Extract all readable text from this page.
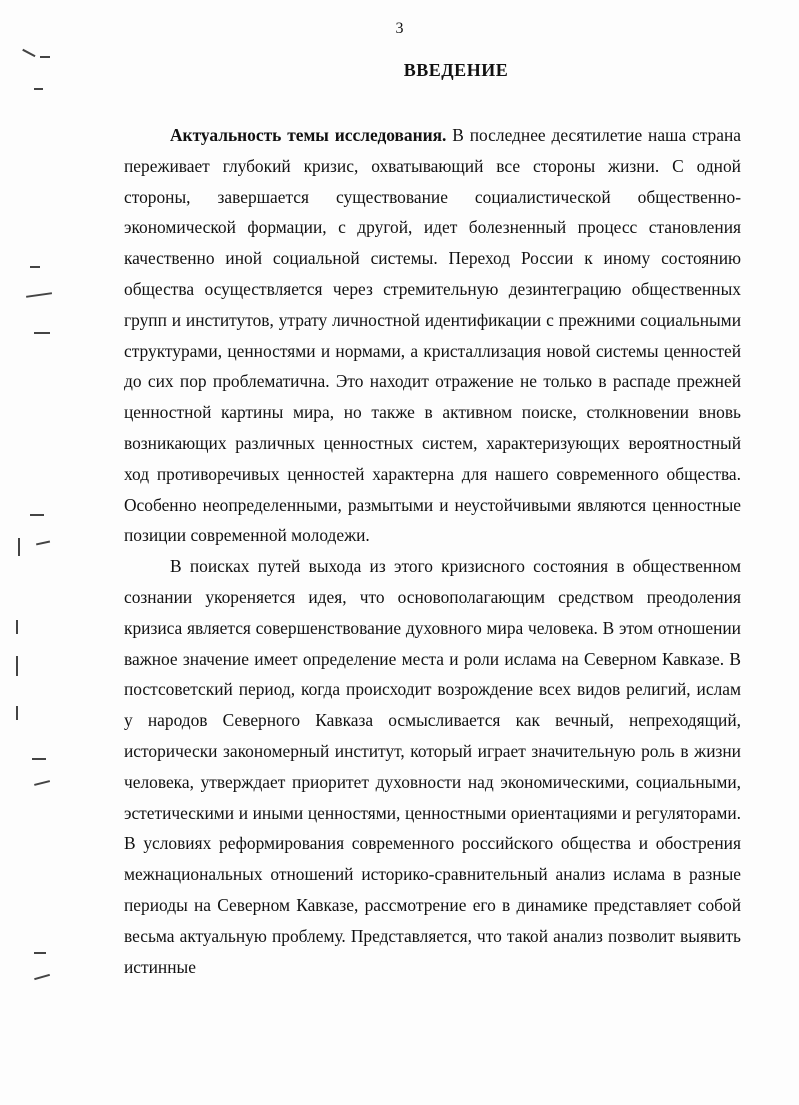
3
ВВЕДЕНИЕ

Актуальность темы исследования. В последнее десятилетие наша страна переживает глубокий кризис, охватывающий все стороны жизни. С одной стороны, завершается существование социалистической общественно-экономической формации, с другой, идет болезненный процесс становления качественно иной социальной системы. Переход России к иному состоянию общества осуществляется через стремительную дезинтеграцию общественных групп и институтов, утрату личностной идентификации с прежними социальными структурами, ценностями и нормами, а кристаллизация новой системы ценностей до сих пор проблематична. Это находит отражение не только в распаде прежней ценностной картины мира, но также в активном поиске, столкновении вновь возникающих различных ценностных систем, характеризующих вероятностный ход противоречивых ценностей характерна для нашего современного общества. Особенно неопределенными, размытыми и неустойчивыми являются ценностные позиции современной молодежи.

В поисках путей выхода из этого кризисного состояния в общественном сознании укореняется идея, что основополагающим средством преодоления кризиса является совершенствование духовного мира человека. В этом отношении важное значение имеет определение места и роли ислама на Северном Кавказе. В постсоветский период, когда происходит возрождение всех видов религий, ислам у народов Северного Кавказа осмысливается как вечный, непреходящий, исторически закономерный институт, который играет значительную роль в жизни человека, утверждает приоритет духовности над экономическими, социальными, эстетическими и иными ценностями, ценностными ориентациями и регуляторами. В условиях реформирования современного российского общества и обострения межнациональных отношений историко-сравнительный анализ ислама в разные периоды на Северном Кавказе, рассмотрение его в динамике представляет собой весьма актуальную проблему. Представляется, что такой анализ позволит выявить истинные
